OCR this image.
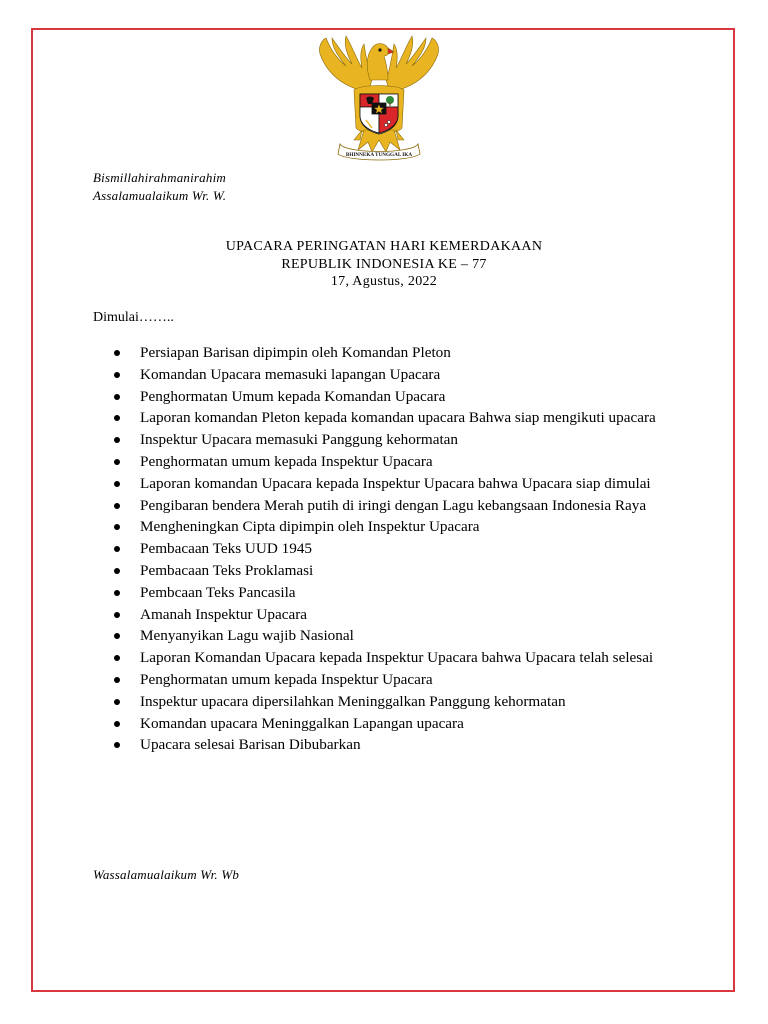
BHINNEKA TUNGGAL IKA
Bismillahirahmanirahim
Assalamualaikum Wr. W.
UPACARA PERINGATAN HARI KEMERDAKAAN
REPUBLIK INDONESIA KE – 77
17, Agustus, 2022
Dimulai……..
Persiapan Barisan dipimpin oleh Komandan Pleton
Komandan Upacara memasuki lapangan Upacara
Penghormatan Umum kepada Komandan Upacara
Laporan komandan Pleton kepada komandan upacara Bahwa siap mengikuti upacara
Inspektur Upacara memasuki Panggung kehormatan
Penghormatan umum kepada Inspektur Upacara
Laporan komandan Upacara kepada Inspektur Upacara bahwa Upacara siap dimulai
Pengibaran bendera Merah putih di iringi dengan Lagu kebangsaan Indonesia Raya
Mengheningkan Cipta dipimpin oleh Inspektur Upacara
Pembacaan Teks UUD 1945
Pembacaan Teks Proklamasi
Pembcaan Teks Pancasila
Amanah Inspektur Upacara
Menyanyikan Lagu wajib Nasional
Laporan Komandan Upacara kepada Inspektur Upacara bahwa Upacara telah selesai
Penghormatan umum kepada Inspektur Upacara
Inspektur upacara dipersilahkan Meninggalkan Panggung kehormatan
Komandan upacara Meninggalkan Lapangan upacara
Upacara selesai Barisan Dibubarkan
Wassalamualaikum Wr. Wb
